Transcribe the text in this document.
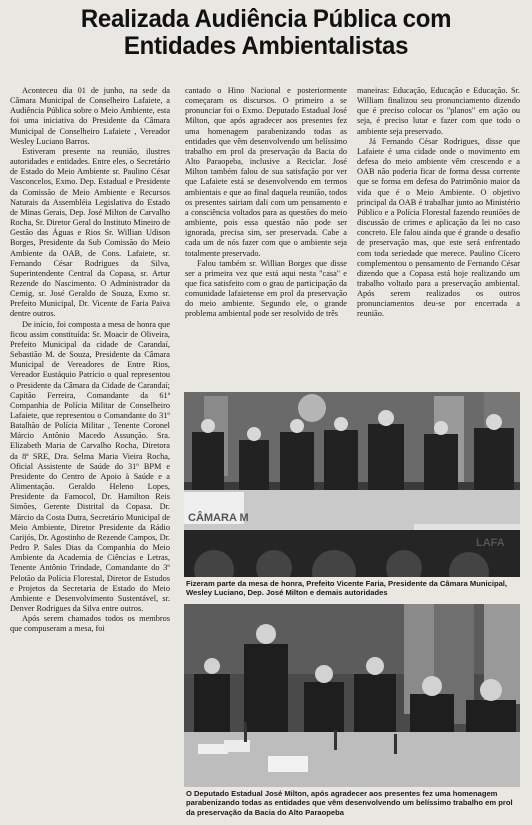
Realizada Audiência Pública com
Entidades Ambientalistas

Aconteceu dia 01 de junho, na sede da Câmara Municipal de Conselheiro Lafaiete, a Audiência Pública sobre o Meio Ambiente, esta foi uma iniciativa do Presidente da Câmara Municipal de Conselheiro Lafaiete , Vereador Wesley Luciano Barros.

Estiveram presente na reunião, ilustres autoridades e entidades. Entre eles, o Secretário de Estado do Meio Ambiente sr. Paulino César Vasconcelos, Exmo. Dep. Estadual e Presidente da Comissão de Meio Ambiente e Recursos Naturais da Assembléia Legislativa do Estado de Minas Gerais, Dep. José Milton de Carvalho Rocha, Sr. Diretor Geral do Instituto Mineiro de Gestão das Águas e Rios Sr. Willian Udison Borges, Presidente da Sub Comissão do Meio Ambiente da OAB, de Cons. Lafaiete, sr. Fernando César Rodrigues da Silva, Superintendente Central da Copasa, sr. Artur Rezende do Nascimento. O Administrador da Cemig, sr. José Geraldo de Souza, Exmo sr. Prefeito Municipal, Dr. Vicente de Faria Paiva dentre outros.

De início, foi composta a mesa de honra que ficou assim constituída: Sr. Moacir de Oliveira, Prefeito Municipal da cidade de Carandaí, Sebastião M. de Souza, Presidente da Câmara Municipal de Vereadores de Entre Rios, Vereador Eustáquio Patrício o qual representou o Presidente da Câmara da Cidade de Carandaí; Capitão Ferreira, Comandante da 61ª Companhia de Polícia Militar de Conselheiro Lafaiete, que representou o Comandante do 31º Batalhão de Polícia Militar , Tenente Coronel Márcio Antônio Macedo Assunção. Sra. Elizabeth Maria de Carvalho Rocha, Diretora da 8ª SRE, Dra. Selma Maria Vieira Rocha, Oficial Assistente de Saúde do 31º BPM e Presidente do Centro de Apoio à Saúde e a Alimentação. Geraldo Heleno Lopes, Presidente da Famocol, Dr. Hamilton Reis Simões, Gerente Distrital da Copasa. Dr. Márcio da Costa Dutra, Secretário Municipal de Meio Ambiente, Diretor Presidente da Rádio Carijós, Dr. Agostinho de Rezende Campos, Dr. Pedro P. Sales Dias da Companhia do Meio Ambiente da Academia de Ciências e Letras, Tenente Antônio Trindade, Comandante do 3º Pelotão da Polícia Florestal, Diretor de Estudos e Projetos da Secretaria de Estado do Meio Ambiente e Desenvolvimento Sustentável, sr. Denver Rodrigues da Silva entre outros.

Após serem chamados todos os membros que compuseram a mesa, foi

cantado o Hino Nacional e posteriormente começaram os discursos. O primeiro a se pronunciar foi o Exmo. Deputado Estadual José Milton, que após agradecer aos presentes fez uma homenagem parabenizando todas as entidades que vêm desenvolvendo um belíssimo trabalho em prol da preservação da Bacia do Alto Paraopeba, inclusive a Reciclar. José Milton também falou de sua satisfação por ver que Lafaiete está se desenvolvendo em termos ambientais e que ao final daquela reunião, todos os presentes sairiam dali com um pensamento e a consciência voltados para as questões do meio ambiente, pois essa questão não pode ser ignorada, precisa sim, ser preservada. Cabe a cada um de nós fazer com que o ambiente seja totalmente preservado.

Falou também sr. Willian Borges que disse ser a primeira vez que está aqui nesta "casa" e que fica satisfeito com o grau de participação da comunidade lafaietense em prol da preservação do meio ambiente. Segundo ele, o grande problema ambiental pode ser resolvido de três

maneiras: Educação, Educação e Educação. Sr. William finalizou seu pronunciamento dizendo que é preciso colocar os "planos" em ação ou seja, é preciso lutar e fazer com que todo o ambiente seja preservado.

Já Fernando César Rodrigues, disse que Lafaiete é uma cidade onde o movimento em defesa do meio ambiente vêm crescendo e a OAB não poderia ficar de forma dessa corrente que se forma em defesa do Patrimônio maior da vida que é o Meio Ambiente. O objetivo principal da OAB é trabalhar junto ao Ministério Público e a Polícia Florestal fazendo reuniões de discussão de crimes e aplicação da lei no caso concreto. Ele falou ainda que é grande o desafio de preservação mas, que este será enfrentado com toda seriedade que merece. Paulino Cícero complementou o pensamento de Fernando César dizendo que a Copasa está hoje realizando um trabalho voltado para a preservação ambiental. Após serem realizados os outros pronunciamentos deu-se por encerrada a reunião.

CÂMARA M
LAFA
Fizeram parte da mesa de honra, Prefeito Vicente Faria, Presidente da Câmara Municipal, Wesley Luciano, Dep. José Milton e demais autoridades
O Deputado Estadual José Milton, após agradecer aos presentes fez uma homenagem parabenizando todas as entidades que vêm desenvolvendo um belíssimo trabalho em prol da preservação da Bacia do Alto Paraopeba
